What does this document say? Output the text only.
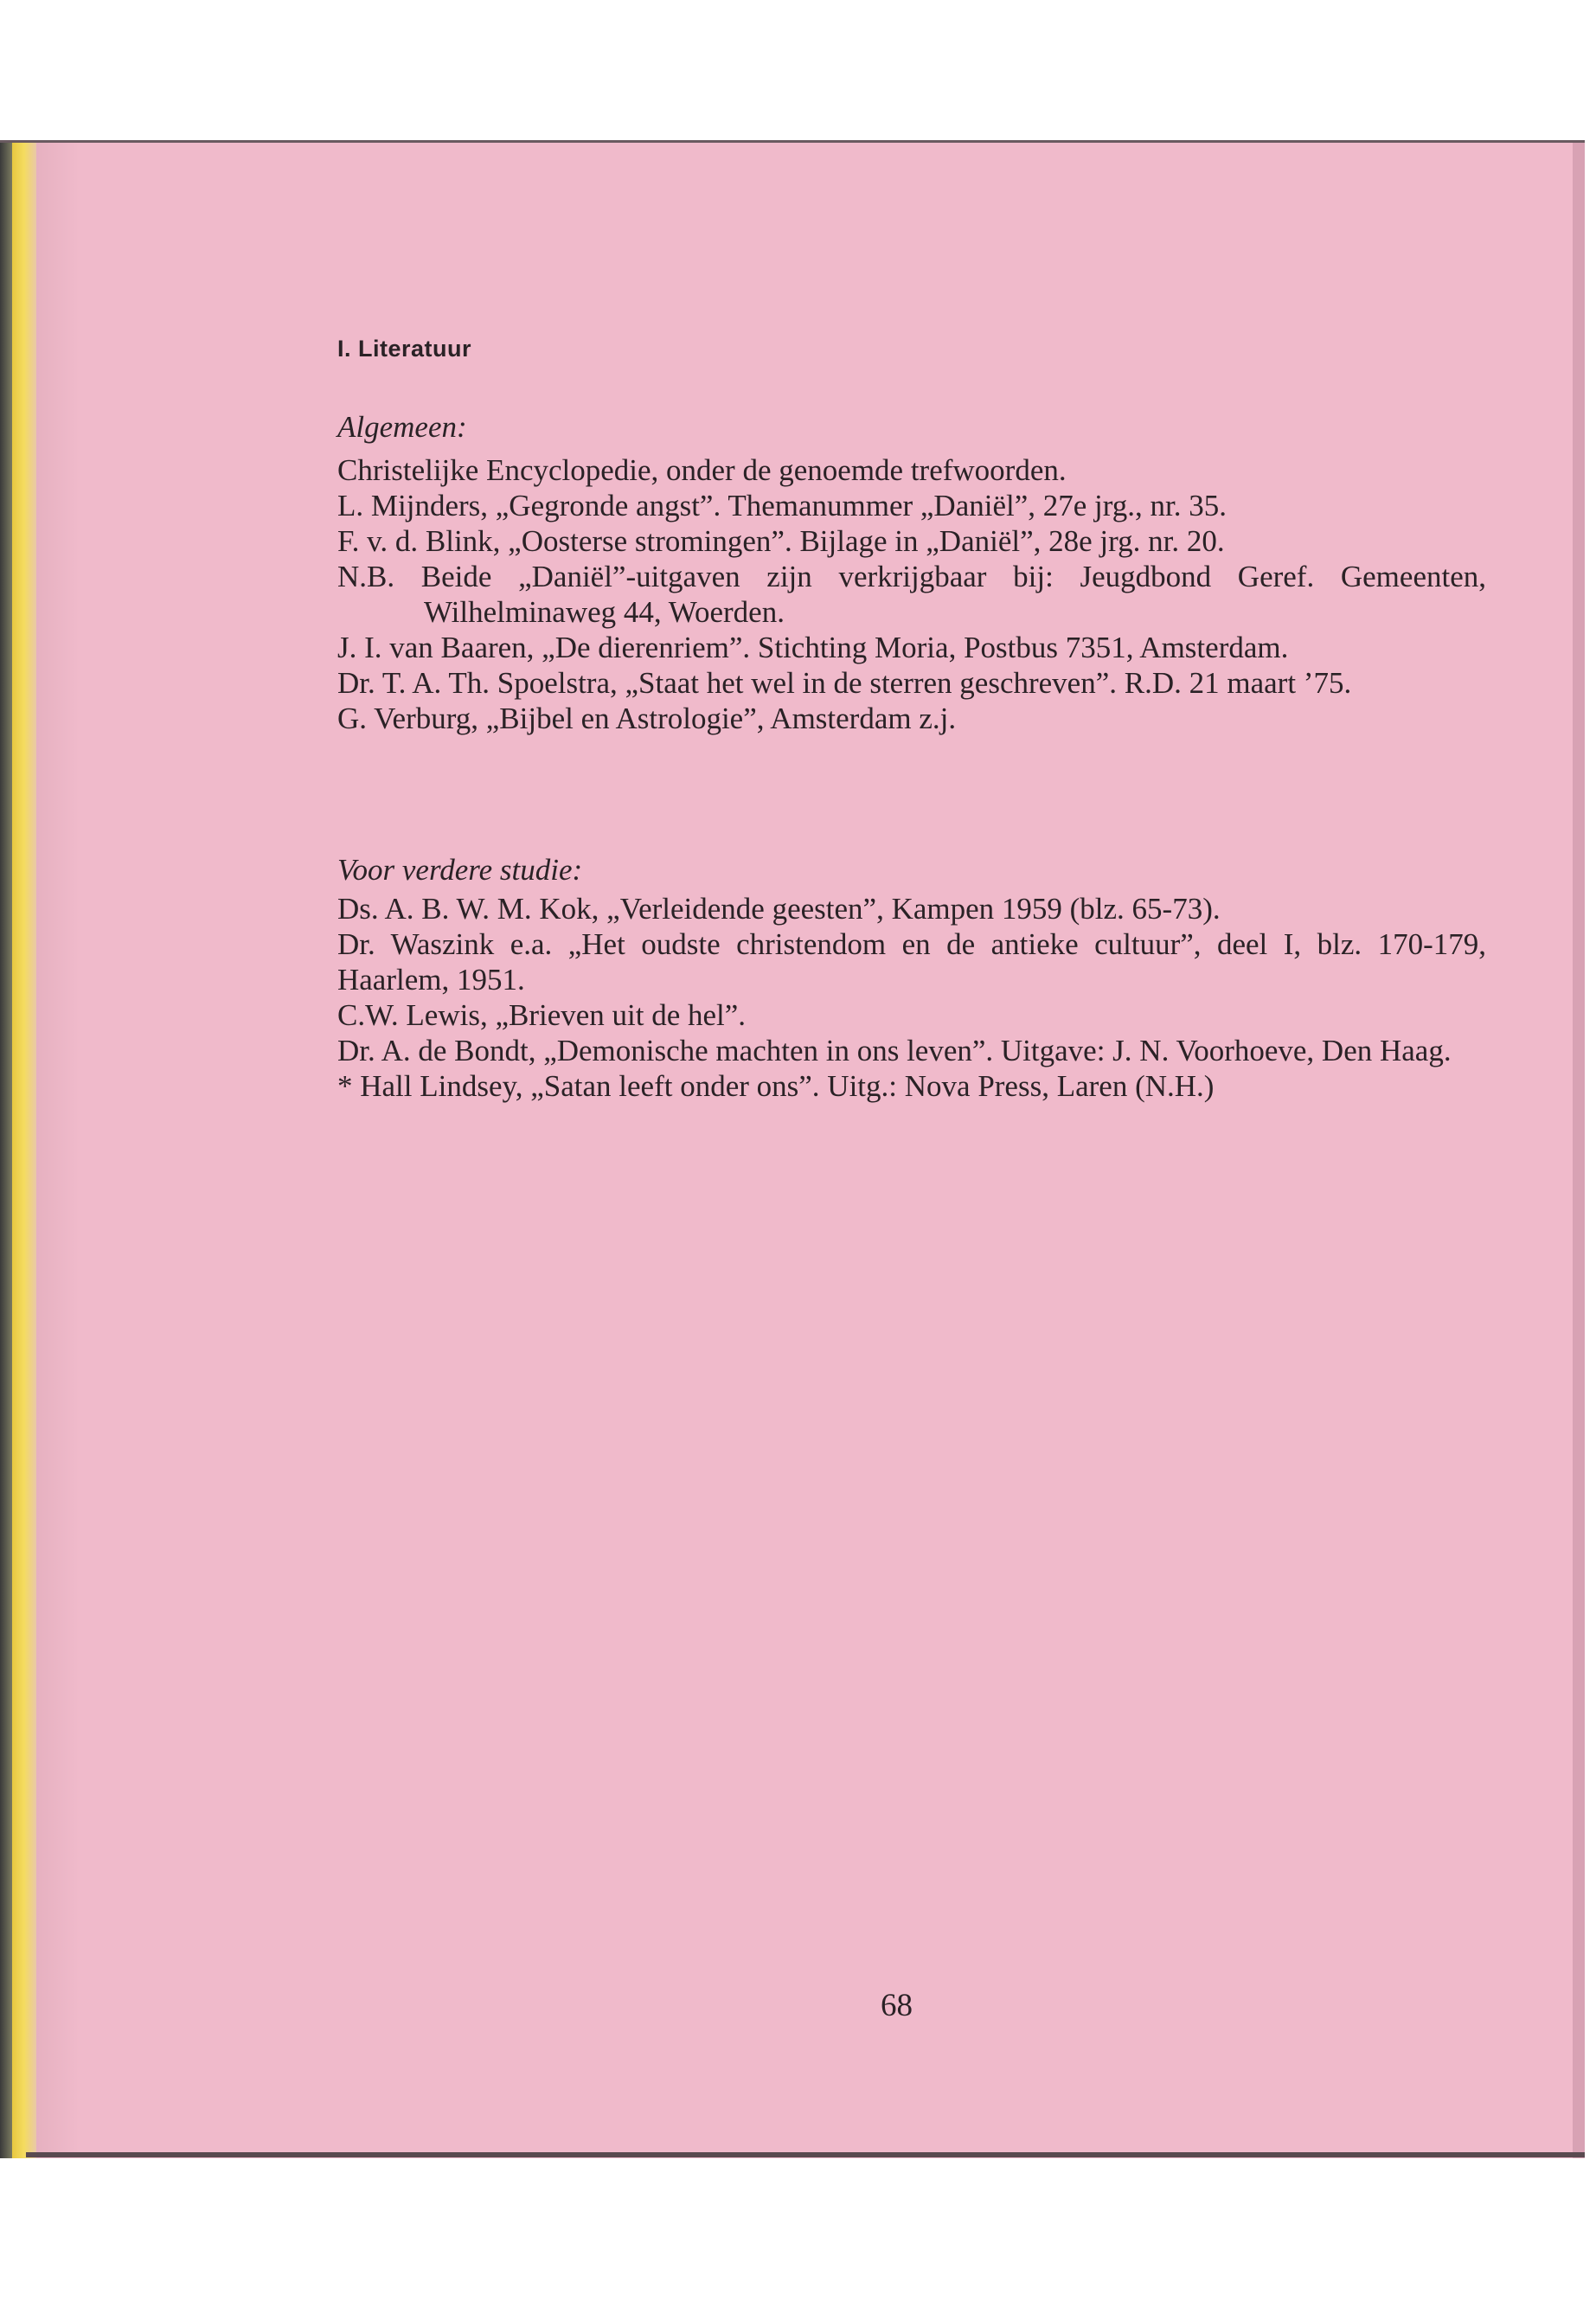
I. Literatuur
Algemeen:

Christelijke Encyclopedie, onder de genoemde trefwoorden.

L. Mijnders, „Gegronde angst”. Themanummer „Daniël”, 27e jrg., nr. 35.

F. v. d. Blink, „Oosterse stromingen”. Bijlage in „Daniël”, 28e jrg. nr. 20.

N.B. Beide „Daniël”-uitgaven zijn verkrijgbaar bij: Jeugdbond Geref. Gemeenten, Wilhelminaweg 44, Woerden.

J. I. van Baaren, „De dierenriem”. Stichting Moria, Postbus 7351, Amsterdam.

Dr. T. A. Th. Spoelstra, „Staat het wel in de sterren geschreven”. R.D. 21 maart ’75.

G. Verburg, „Bijbel en Astrologie”, Amsterdam z.j.

Voor verdere studie:

Ds. A. B. W. M. Kok, „Verleidende geesten”, Kampen 1959 (blz. 65-73).

Dr. Waszink e.a. „Het oudste christendom en de antieke cultuur”, deel I, blz. 170-179, Haarlem, 1951.

C.W. Lewis, „Brieven uit de hel”.

Dr. A. de Bondt, „Demonische machten in ons leven”. Uitgave: J. N. Voorhoeve, Den Haag.

* Hall Lindsey, „Satan leeft onder ons”. Uitg.: Nova Press, Laren (N.H.)

68
